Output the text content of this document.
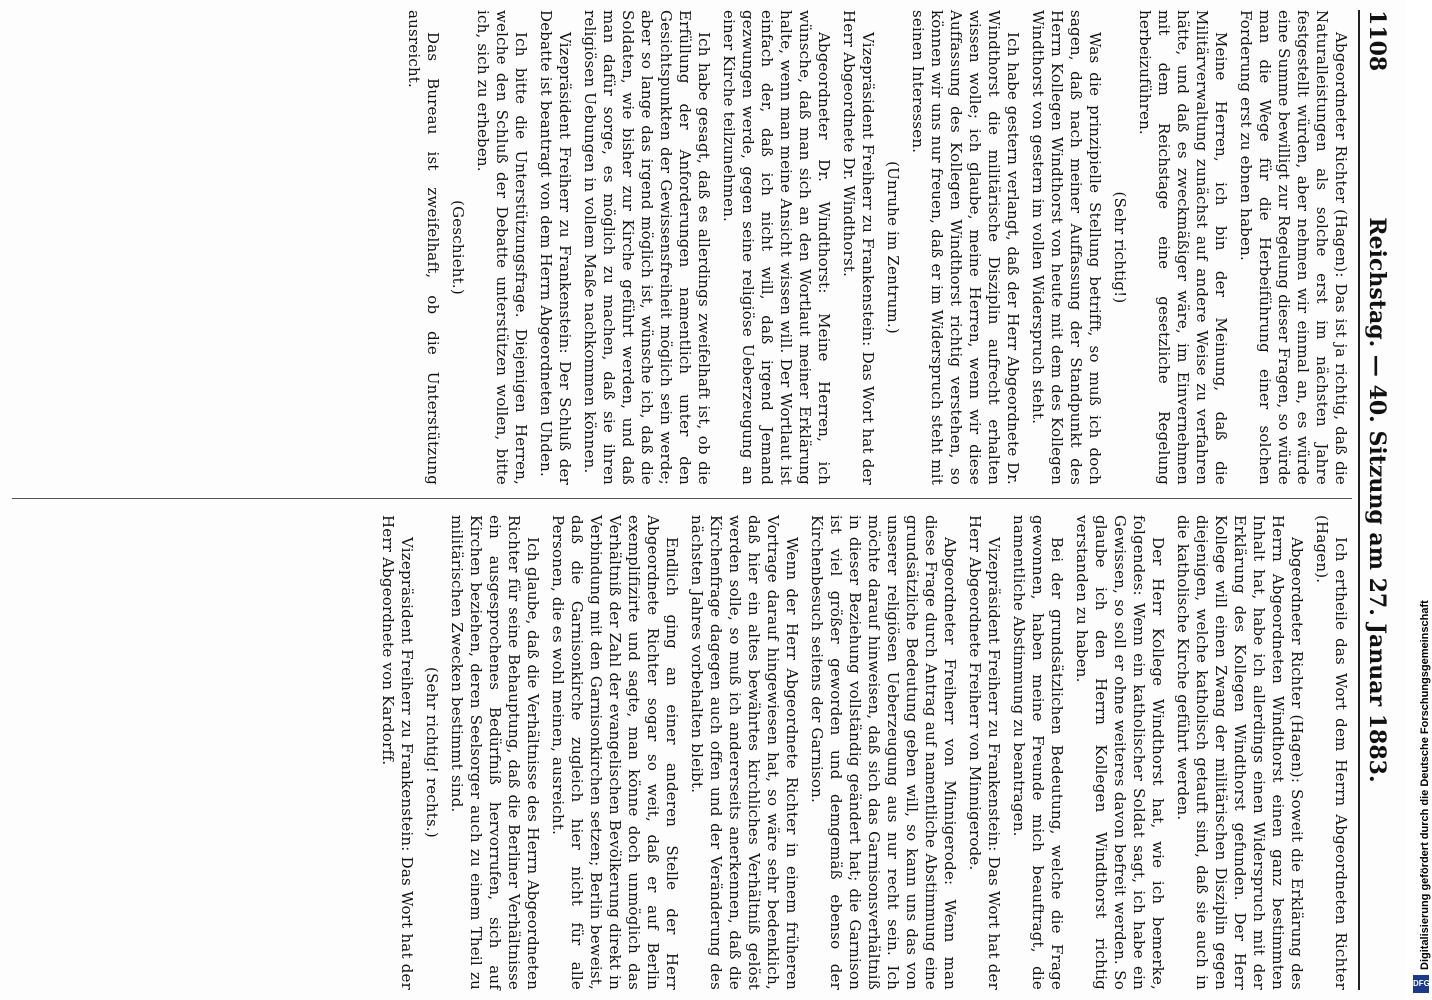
1108
Reichstag. — 40. Sitzung am 27. Januar 1883.

Abgeordneter Richter (Hagen): Das ist ja richtig, daß die Naturalleistungen als solche erst im nächsten Jahre festgestellt würden, aber nehmen wir einmal an, es würde eine Summe bewilligt zur Regelung dieser Fragen, so würde man die Wege für die Herbeiführung einer solchen Forderung erst zu ebnen haben.

Meine Herren, ich bin der Meinung, daß die Militärverwaltung zunächst auf andere Weise zu verfahren hätte, und daß es zweckmäßiger wäre, im Einvernehmen mit dem Reichstage eine gesetzliche Regelung herbeizuführen.

(Sehr richtig!)

Was die prinzipielle Stellung betrifft, so muß ich doch sagen, daß nach meiner Auffassung der Standpunkt des Herrn Kollegen Windthorst von heute mit dem des Kollegen Windthorst von gestern im vollen Widerspruch steht.

Ich habe gestern verlangt, daß der Herr Abgeordnete Dr. Windthorst die militärische Disziplin aufrecht erhalten wissen wolle; ich glaube, meine Herren, wenn wir diese Auffassung des Kollegen Windthorst richtig verstehen, so können wir uns nur freuen, daß er im Widerspruch steht mit seinen Interessen.

(Unruhe im Zentrum.)

Vizepräsident Freiherr zu Frankenstein: Das Wort hat der Herr Abgeordnete Dr. Windthorst.

Abgeordneter Dr. Windthorst: Meine Herren, ich wünsche, daß man sich an den Wortlaut meiner Erklärung halte, wenn man meine Ansicht wissen will. Der Wortlaut ist einfach der, daß ich nicht will, daß irgend Jemand gezwungen werde, gegen seine religiöse Ueberzeugung an einer Kirche teilzunehmen.

Ich habe gesagt, daß es allerdings zweifelhaft ist, ob die Erfüllung der Anforderungen namentlich unter den Gesichtspunkten der Gewissensfreiheit möglich sein werde; aber so lange das irgend möglich ist, wünsche ich, daß die Soldaten, wie bisher zur Kirche geführt werden, und daß man dafür sorge, es möglich zu machen, daß sie ihren religiösen Uebungen in vollem Maße nachkommen können.

Vizepräsident Freiherr zu Frankenstein: Der Schluß der Debatte ist beantragt von dem Herrn Abgeordneten Uhden.

Ich bitte die Unterstützungsfrage. Diejenigen Herren, welche den Schluß der Debatte unterstützen wollen, bitte ich, sich zu erheben.

(Geschieht.)

Das Bureau ist zweifelhaft, ob die Unterstützung ausreicht.

Ich ertheile das Wort dem Herrn Abgeordneten Richter (Hagen).

Abgeordneter Richter (Hagen): Soweit die Erklärung des Herrn Abgeordneten Windthorst einen ganz bestimmten Inhalt hat, habe ich allerdings einen Widerspruch mit der Erklärung des Kollegen Windthorst gefunden. Der Herr Kollege will einen Zwang der militärischen Disziplin gegen diejenigen, welche katholisch getauft sind, daß sie auch in die katholische Kirche geführt werden.

Der Herr Kollege Windthorst hat, wie ich bemerke, folgendes: Wenn ein katholischer Soldat sagt, ich habe ein Gewissen, so soll er ohne weiteres davon befreit werden. So glaube ich den Herrn Kollegen Windthorst richtig verstanden zu haben.

Bei der grundsätzlichen Bedeutung, welche die Frage gewonnen, haben meine Freunde mich beauftragt, die namentliche Abstimmung zu beantragen.

Vizepräsident Freiherr zu Frankenstein: Das Wort hat der Herr Abgeordnete Freiherr von Minnigerode.

Abgeordneter Freiherr von Minnigerode: Wenn man diese Frage durch Antrag auf namentliche Abstimmung eine grundsätzliche Bedeutung geben will, so kann uns das von unserer religiösen Ueberzeugung aus nur recht sein. Ich möchte darauf hinweisen, daß sich das Garnisonsverhältniß in dieser Beziehung vollständig geändert hat; die Garnison ist viel größer geworden und demgemäß ebenso der Kirchenbesuch seitens der Garnison.

Wenn der Herr Abgeordnete Richter in einem früheren Vortrage darauf hingewiesen hat, so wäre sehr bedenklich, daß hier ein altes bewährtes kirchliches Verhältniß gelöst werden solle, so muß ich andererseits anerkennen, daß die Kirchenfrage dagegen auch offen und der Veränderung des nächsten Jahres vorbehalten bleibt.

Endlich ging an einer anderen Stelle der Herr Abgeordnete Richter sogar so weit, daß er auf Berlin exemplifizirte und sagte, man könne doch unmöglich das Verhältniß der Zahl der evangelischen Bevölkerung direkt in Verbindung mit den Garnisonkirchen setzen; Berlin beweist, daß die Garnisonkirche zugleich hier nicht für alle Personen, die es wohl meinen, ausreicht.

Ich glaube, daß die Verhältnisse des Herrn Abgeordneten Richter für seine Behauptung, daß die Berliner Verhältnisse ein ausgesprochenes Bedürfniß hervorrufen, sich auf Kirchen beziehen, deren Seelsorger auch zu einem Theil zu militärischen Zwecken bestimmt sind.

(Sehr richtig! rechts.)

Vizepräsident Freiherr zu Frankenstein: Das Wort hat der Herr Abgeordnete von Kardorff.	Digitalisierung gefördert durch die Deutsche Forschungsgemeinschaft
DFG
